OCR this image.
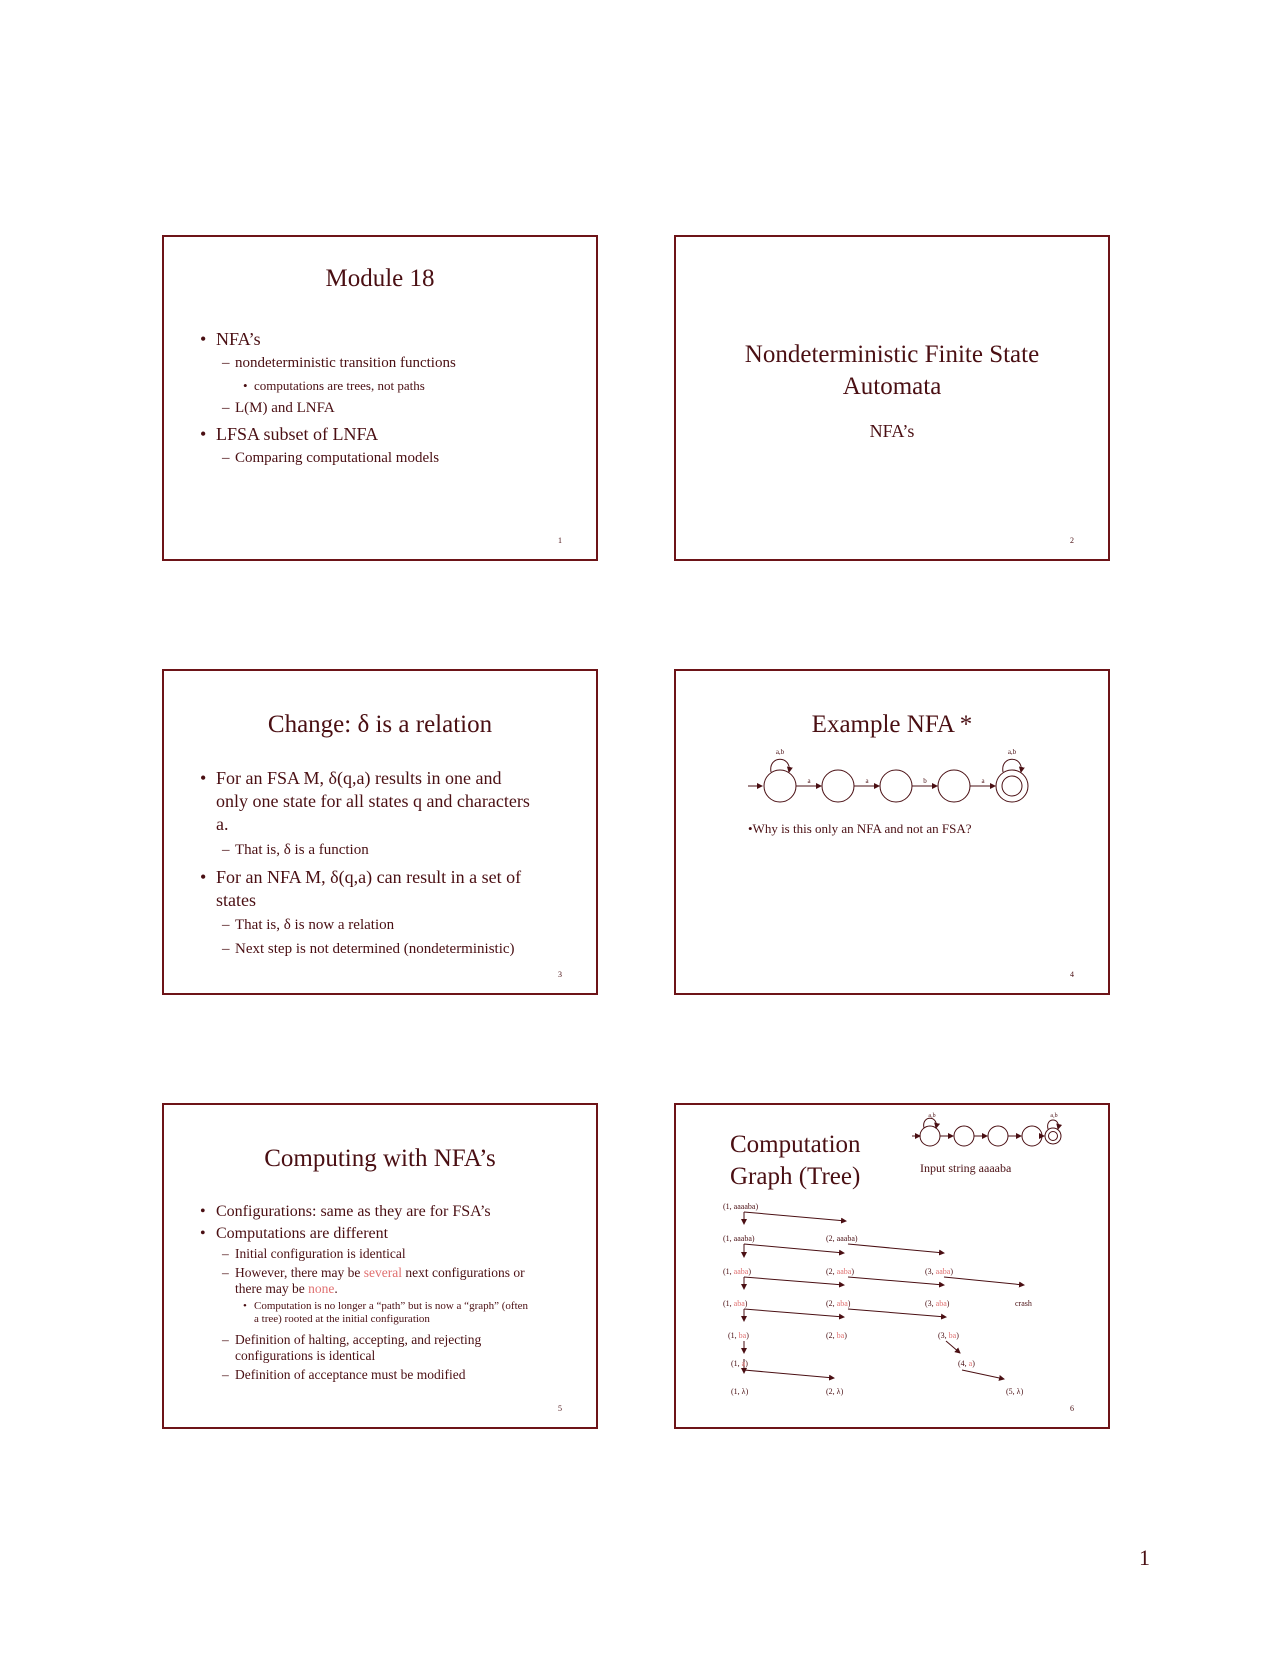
Module 18
• NFA’s
– nondeterministic transition functions
• computations are trees, not paths
– L(M) and LNFA
• LFSA subset of LNFA
– Comparing computational models
1
Nondeterministic Finite State
Automata
NFA’s
2
Change: δ is a relation
• For an FSA M, δ(q,a) results in one and
only one state for all states q and characters
a.
– That is, δ is a function
• For an NFA M, δ(q,a) can result in a set of
states
– That is, δ is now a relation
– Next step is not determined (nondeterministic)
3
Example NFA *
a,b	a,b
a	a	b	a
•Why is this only an NFA and not an FSA?
4
Computing with NFA’s
• Configurations: same as they are for FSA’s
• Computations are different
– Initial configuration is identical
– However, there may be several next configurations or
there may be none.
• Computation is no longer a “path” but is now a “graph” (often
a tree) rooted at the initial configuration
– Definition of halting, accepting, and rejecting
configurations is identical
– Definition of acceptance must be modified
5
Computation
Graph (Tree)	Input string aaaaba
a,b	a,b
(1, aaaaba)
(1, aaaba)	(2, aaaba)
(1, aaba)	(2, aaba)	(3, aaba)
crash
(1, aba)	(2, aba)	(3, aba)
(1, ba)	(2, ba)	(3, ba)
(1, a)	(4, a)
(1, λ)	(2, λ)	(5, λ)
6
1
